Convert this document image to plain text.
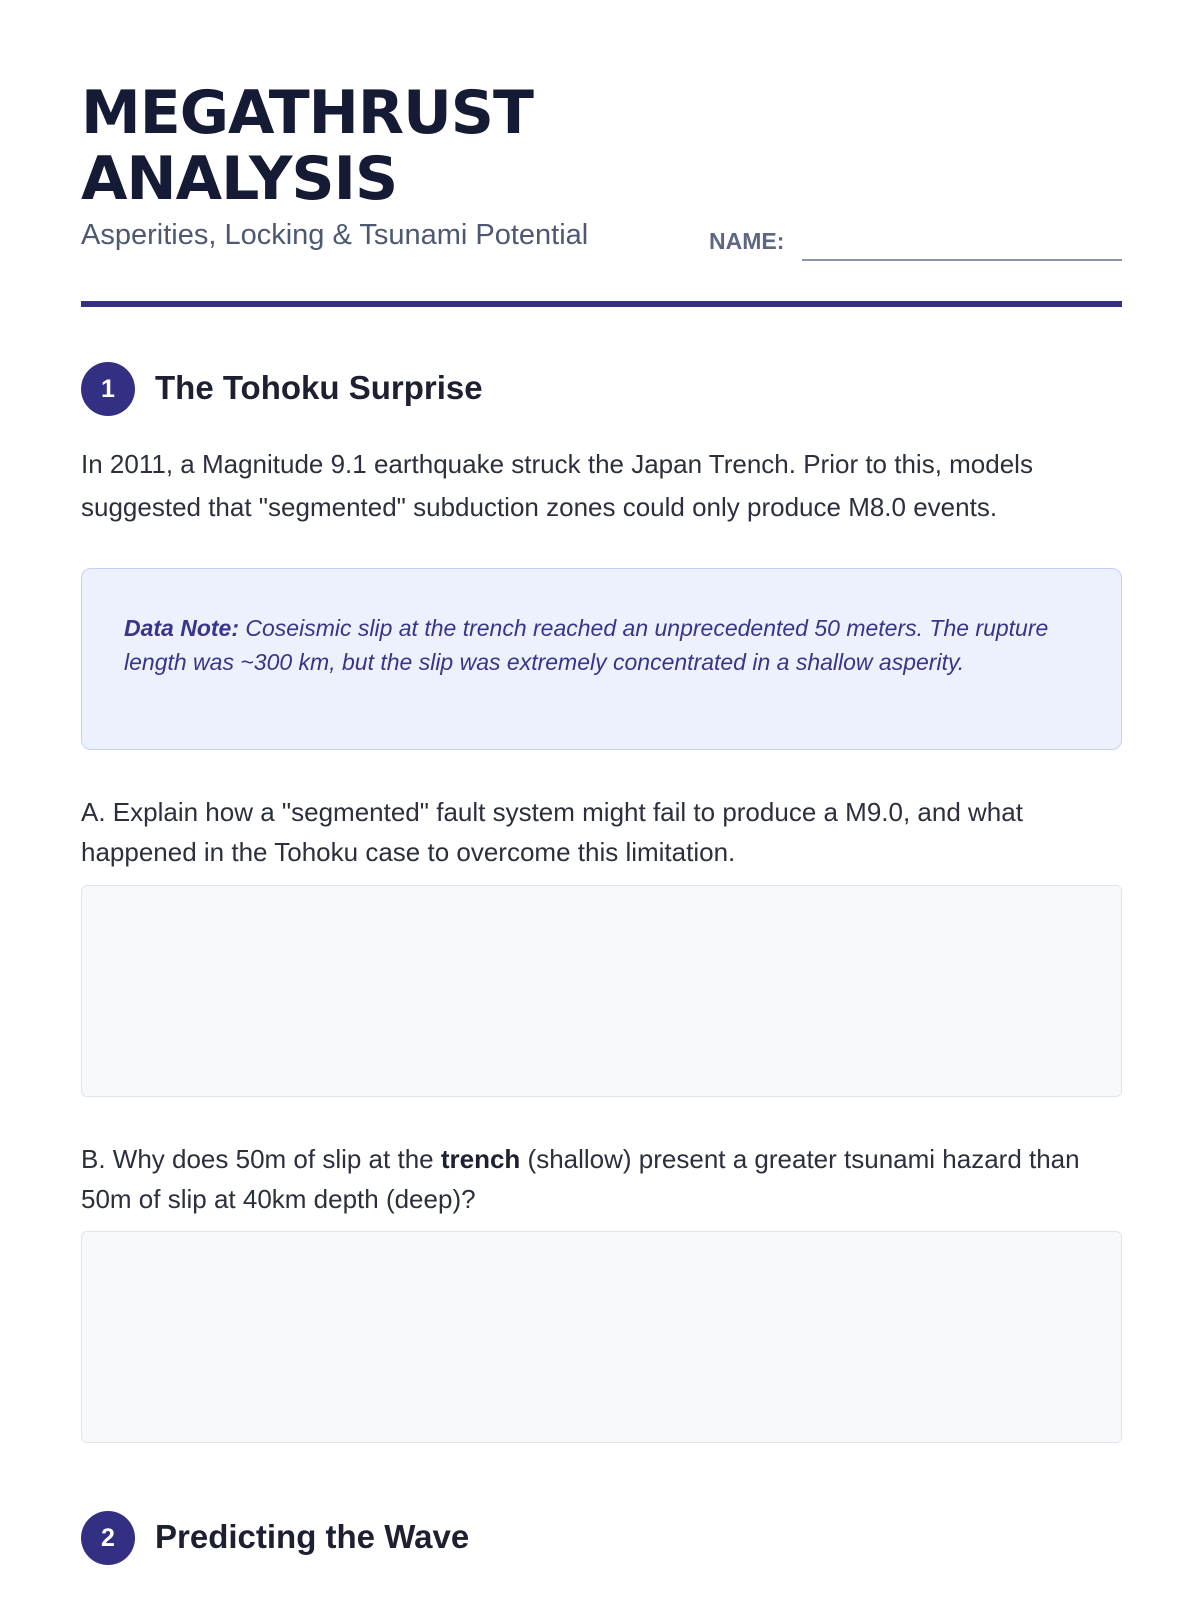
MEGATHRUST
ANALYSIS
Asperities, Locking & Tsunami Potential	NAME:
1	The Tohoku Surprise

In 2011, a Magnitude 9.1 earthquake struck the Japan Trench. Prior to this, models suggested that "segmented" subduction zones could only produce M8.0 events.

Data Note: Coseismic slip at the trench reached an unprecedented 50 meters. The rupture length was ~300 km, but the slip was extremely concentrated in a shallow asperity.

A. Explain how a "segmented" fault system might fail to produce a M9.0, and what happened in the Tohoku case to overcome this limitation.

B. Why does 50m of slip at the trench (shallow) present a greater tsunami hazard than 50m of slip at 40km depth (deep)?

2	Predicting the Wave
